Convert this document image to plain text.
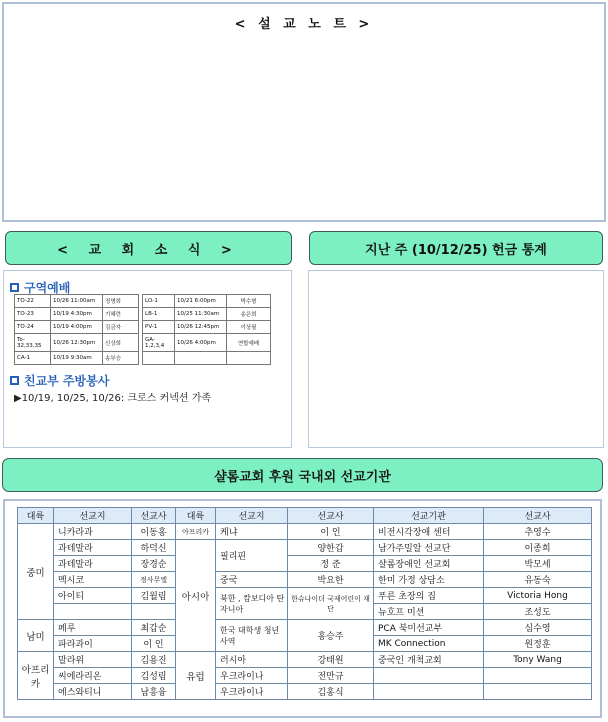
< 설 교 노 트 >
< 교 회 소 식 >	지난 주 (10/12/25) 헌금 통계
구역예배
TO-22	10/26 11:00am	정명희		LO-1	10/21 6:00pm	박수형
TO-23	10/19 4:30pm	기혜련		LB-1	10/25 11:30am	송은희
TO-24	10/19 4:00pm	김금자		PV-1	10/26 12:45pm	이상필
To-32,33,35	10/26 12:30pm	신상희		GA-1,2,3,4	10/26 4:00pm	연합예배
CA-1	10/19 9:30am	송부승				
친교부 주방봉사
▶10/19, 10/25, 10/26: 크로스 커넥션 가족
샬롬교회 후원 국내외 선교기관
대륙	선교지	선교사	대륙	선교지	선교사	선교기관	선교사
중미	니카라과	이동홍	아프리카	케냐	이 인	비전시각장애 센터	추영수
	과테말라	하덕신	아시아	필리핀	양한갑	남가주밀알 선교단	이종희
	과테말라	장경순			정 준	샬롬장애인 선교회	박모세
	멕시코	정사무엘		중국	박요한	한미 가정 상담소	유동숙
	아이티	김월림		북한 , 캄보디아 탄자니아	한슈나이더 국제어린이 재단	푸른 초장의 집	Victoria Hong
						뉴호프 미션	조성도
남미	페루	최갑순		한국 대학생 청년 사역	홍승주	PCA 북미선교부	심수영
	파라과이	이 인				MK Connection	원정훈
아프리카	말라위	김용진	유럽	러시아	강태원	중국인 개척교회	Tony Wang
	씨에라리온	김성림		우크라이나	전만규		
	에스와티니	남흥융		우크라이나	김홍식		
